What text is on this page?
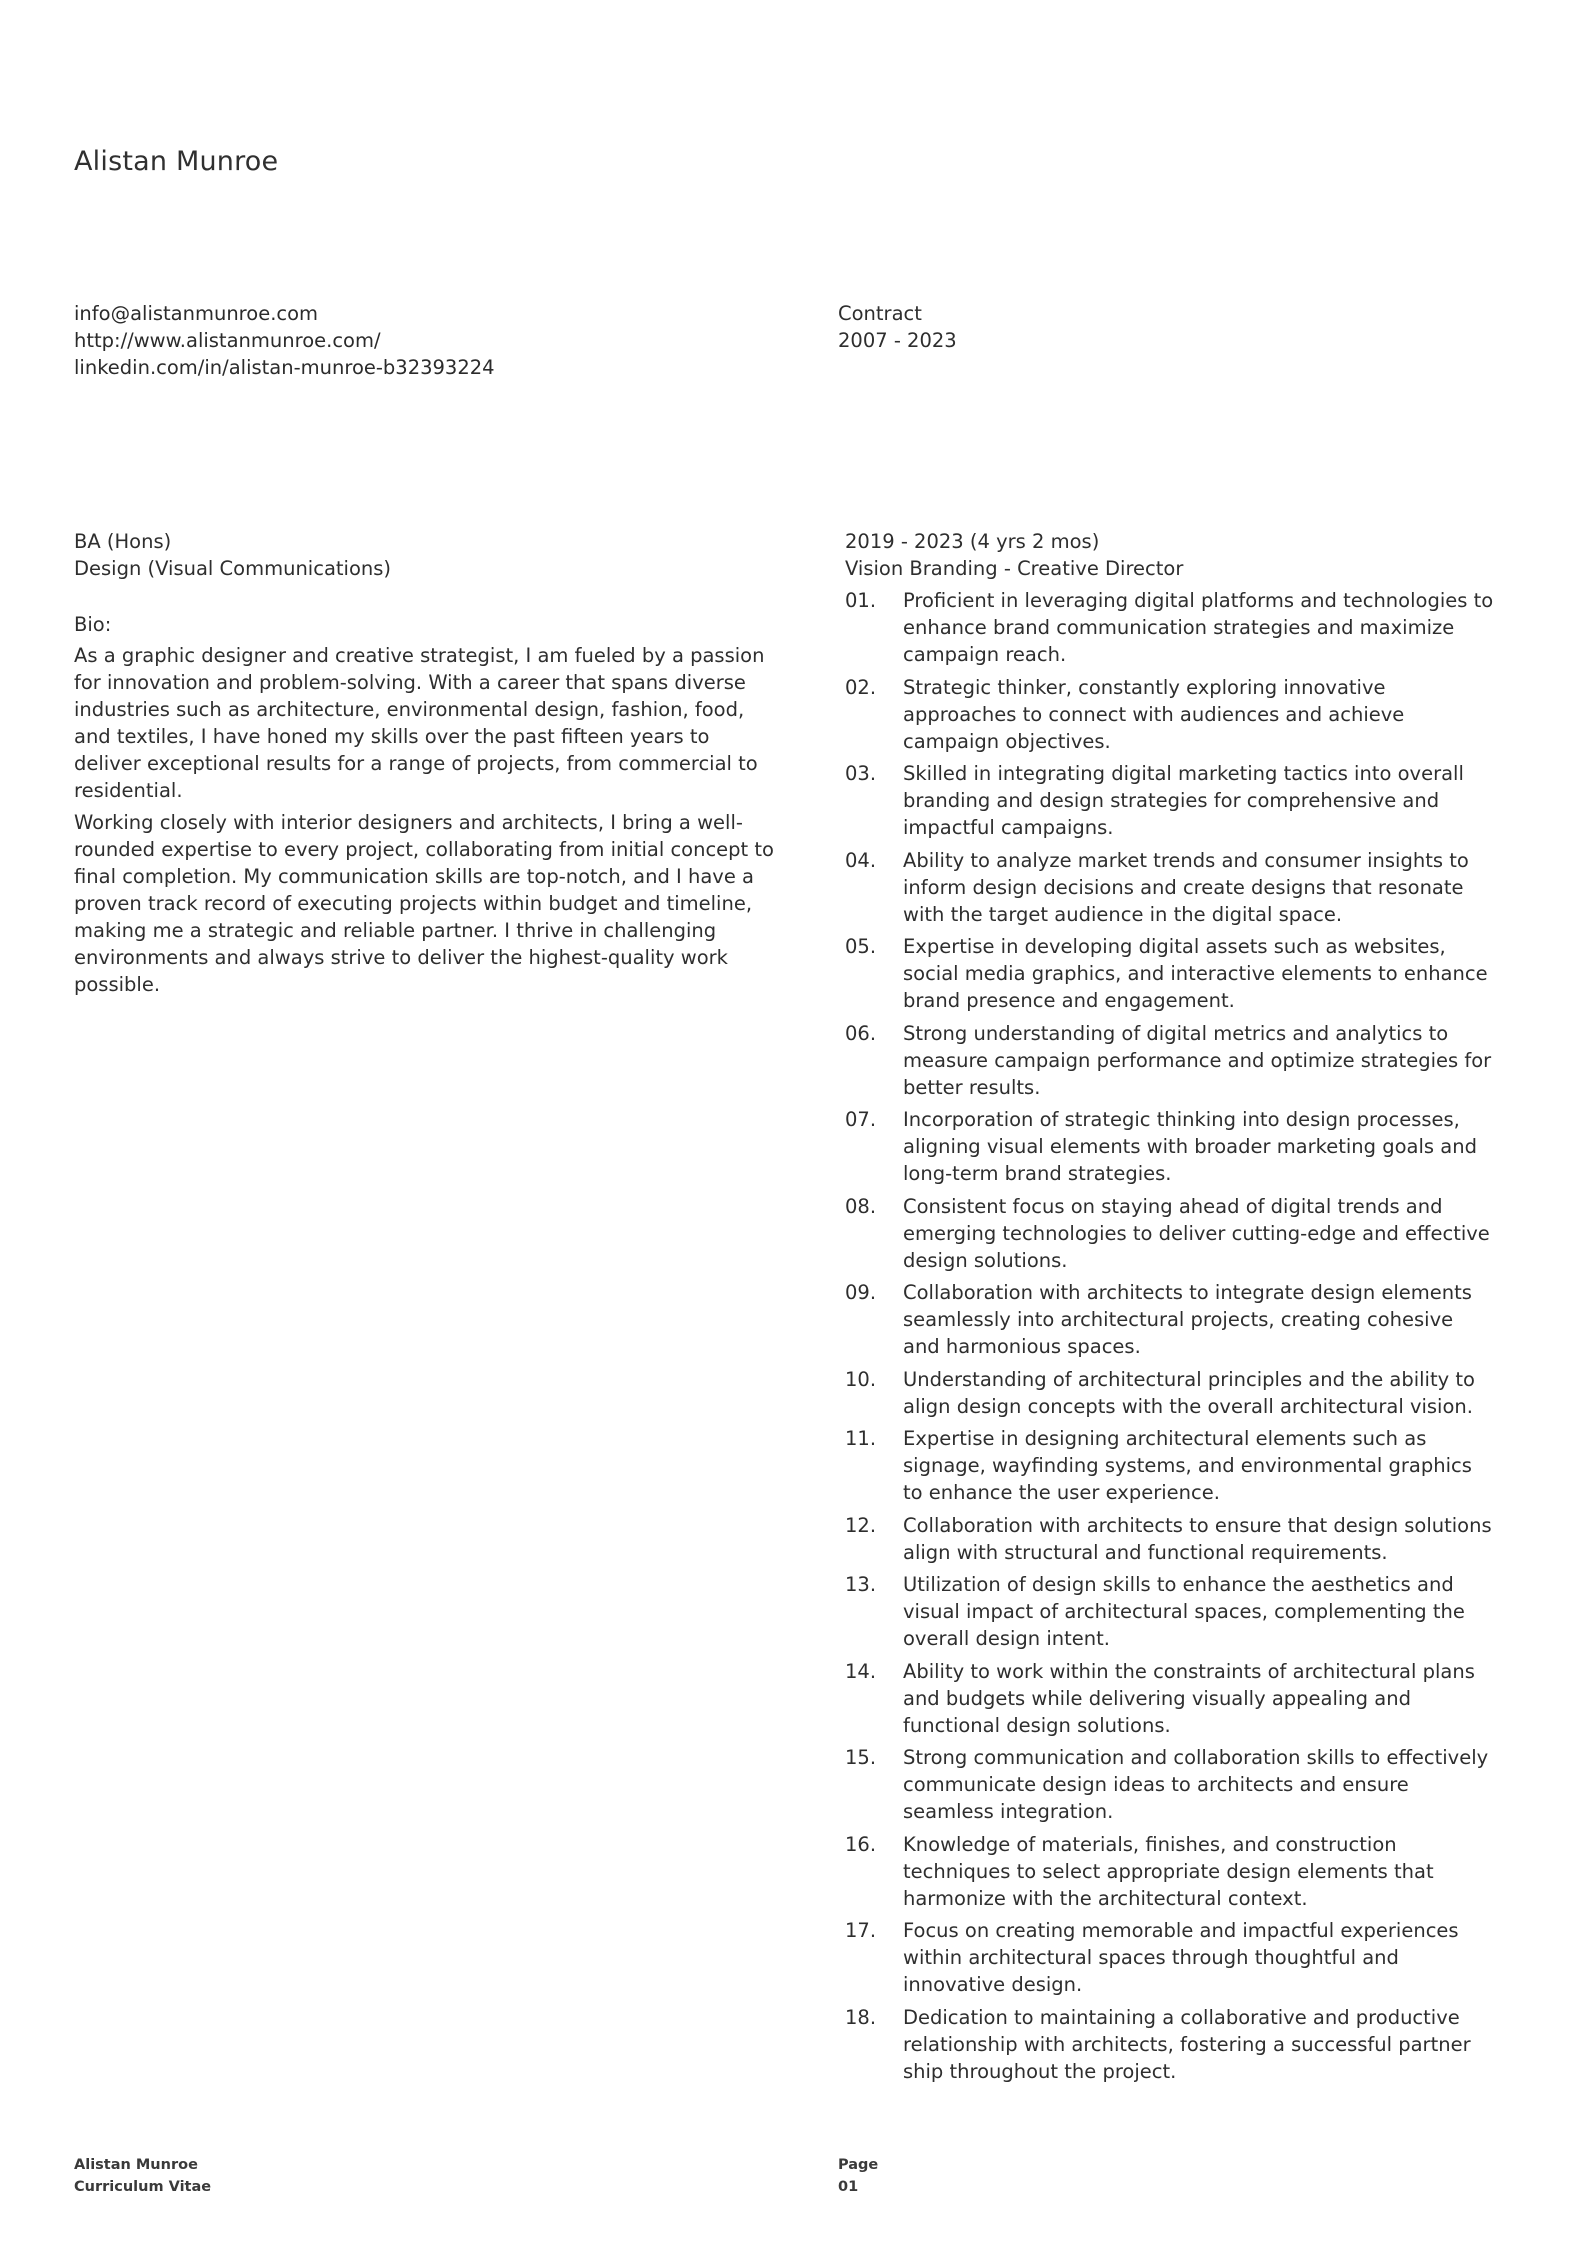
Alistan Munroe
info@alistanmunroe.com
http://www.alistanmunroe.com/
linkedin.com/in/alistan-munroe-b32393224
Contract
2007 - 2023
BA (Hons)
Design (Visual Communications)
Bio:

As a graphic designer and creative strategist, I am fueled by a passion for innovation and problem-solving. With a career that spans diverse industries such as architecture, environmental design, fashion, food, and textiles, I have honed my skills over the past fifteen years to deliver exceptional results for a range of projects, from commercial to residential.

Working closely with interior designers and architects, I bring a well-rounded expertise to every project, collaborating from initial concept to final completion. My communication skills are top-notch, and I have a proven track record of executing projects within budget and timeline, making me a strategic and reliable partner. I thrive in challenging environments and always strive to deliver the highest-quality work possible.

2019 - 2023 (4 yrs 2 mos)
Vision Branding - Creative Director
01.	Proficient in leveraging digital platforms and technologies to enhance brand communication strategies and maximize campaign reach.
02.	Strategic thinker, constantly exploring innovative approaches to connect with audiences and achieve campaign objectives.
03.	Skilled in integrating digital marketing tactics into overall branding and design strategies for comprehensive and impactful campaigns.
04.	Ability to analyze market trends and consumer insights to inform design decisions and create designs that resonate with the target audience in the digital space.
05.	Expertise in developing digital assets such as websites, social media graphics, and interactive elements to enhance brand presence and engagement.
06.	Strong understanding of digital metrics and analytics to measure campaign performance and optimize strategies for better results.
07.	Incorporation of strategic thinking into design processes, aligning visual elements with broader marketing goals and long-term brand strategies.
08.	Consistent focus on staying ahead of digital trends and emerging technologies to deliver cutting-edge and effective design solutions.
09.	Collaboration with architects to integrate design elements seamlessly into architectural projects, creating cohesive and harmonious spaces.
10.	Understanding of architectural principles and the ability to align design concepts with the overall architectural vision.
11.	Expertise in designing architectural elements such as signage, wayfinding systems, and environmental graphics to enhance the user experience.
12.	Collaboration with architects to ensure that design solutions align with structural and functional requirements.
13.	Utilization of design skills to enhance the aesthetics and visual impact of architectural spaces, complementing the overall design intent.
14.	Ability to work within the constraints of architectural plans and budgets while delivering visually appealing and functional design solutions.
15.	Strong communication and collaboration skills to effectively communicate design ideas to architects and ensure seamless integration.
16.	Knowledge of materials, finishes, and construction techniques to select appropriate design elements that harmonize with the architectural context.
17.	Focus on creating memorable and impactful experiences within architectural spaces through thoughtful and innovative design.
18.	Dedication to maintaining a collaborative and productive relationship with architects, fostering a successful partner ship throughout the project.
Alistan Munroe
Curriculum Vitae
Page
01
